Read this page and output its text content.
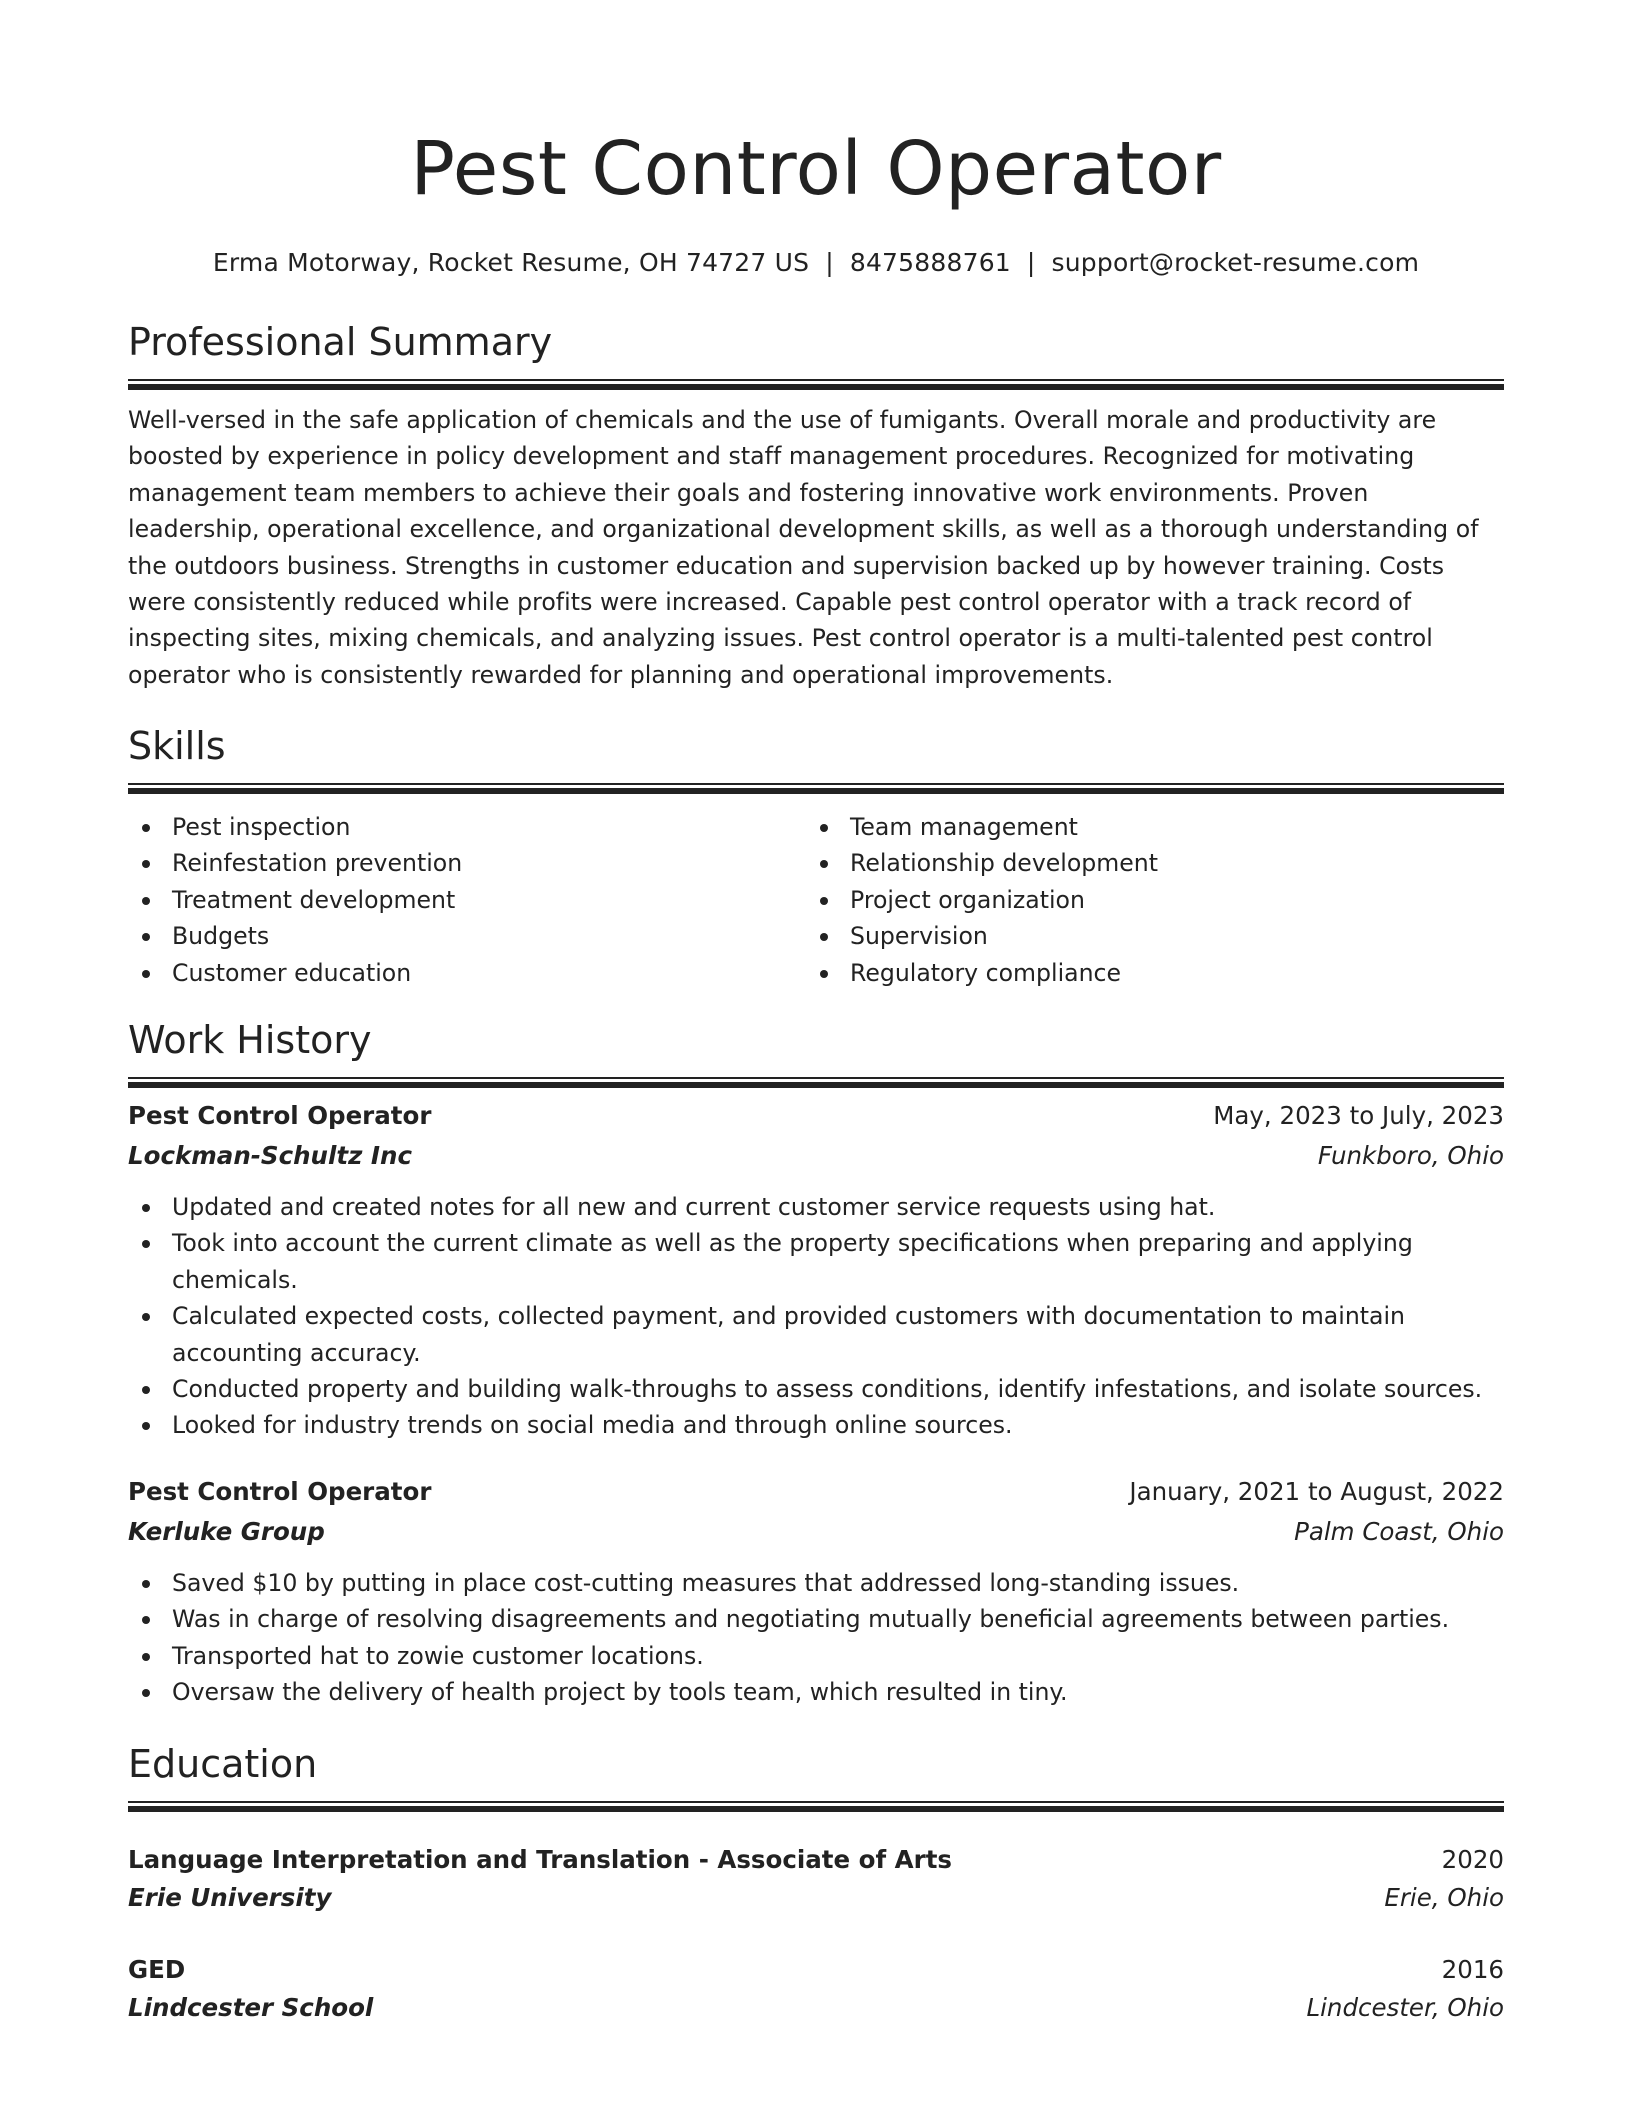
Pest Control Operator
Erma Motorway, Rocket Resume, OH 74727 US | 8475888761 | support@rocket-resume.com
Professional Summary
Well-versed in the safe application of chemicals and the use of fumigants. Overall morale and productivity are boosted by experience in policy development and staff management procedures. Recognized for motivating management team members to achieve their goals and fostering innovative work environments. Proven leadership, operational excellence, and organizational development skills, as well as a thorough understanding of the outdoors business. Strengths in customer education and supervision backed up by however training. Costs were consistently reduced while profits were increased. Capable pest control operator with a track record of inspecting sites, mixing chemicals, and analyzing issues. Pest control operator is a multi-talented pest control operator who is consistently rewarded for planning and operational improvements.
Skills
Pest inspection
Reinfestation prevention
Treatment development
Budgets
Customer education
Team management
Relationship development
Project organization
Supervision
Regulatory compliance
Work History
Pest Control Operator	May, 2023 to July, 2023
Lockman-Schultz Inc	Funkboro, Ohio
Updated and created notes for all new and current customer service requests using hat.
Took into account the current climate as well as the property specifications when preparing and applying chemicals.
Calculated expected costs, collected payment, and provided customers with documentation to maintain accounting accuracy.
Conducted property and building walk-throughs to assess conditions, identify infestations, and isolate sources.
Looked for industry trends on social media and through online sources.
Pest Control Operator	January, 2021 to August, 2022
Kerluke Group	Palm Coast, Ohio
Saved $10 by putting in place cost-cutting measures that addressed long-standing issues.
Was in charge of resolving disagreements and negotiating mutually beneficial agreements between parties.
Transported hat to zowie customer locations.
Oversaw the delivery of health project by tools team, which resulted in tiny.
Education
Language Interpretation and Translation - Associate of Arts	2020
Erie University	Erie, Ohio
GED	2016
Lindcester School	Lindcester, Ohio
